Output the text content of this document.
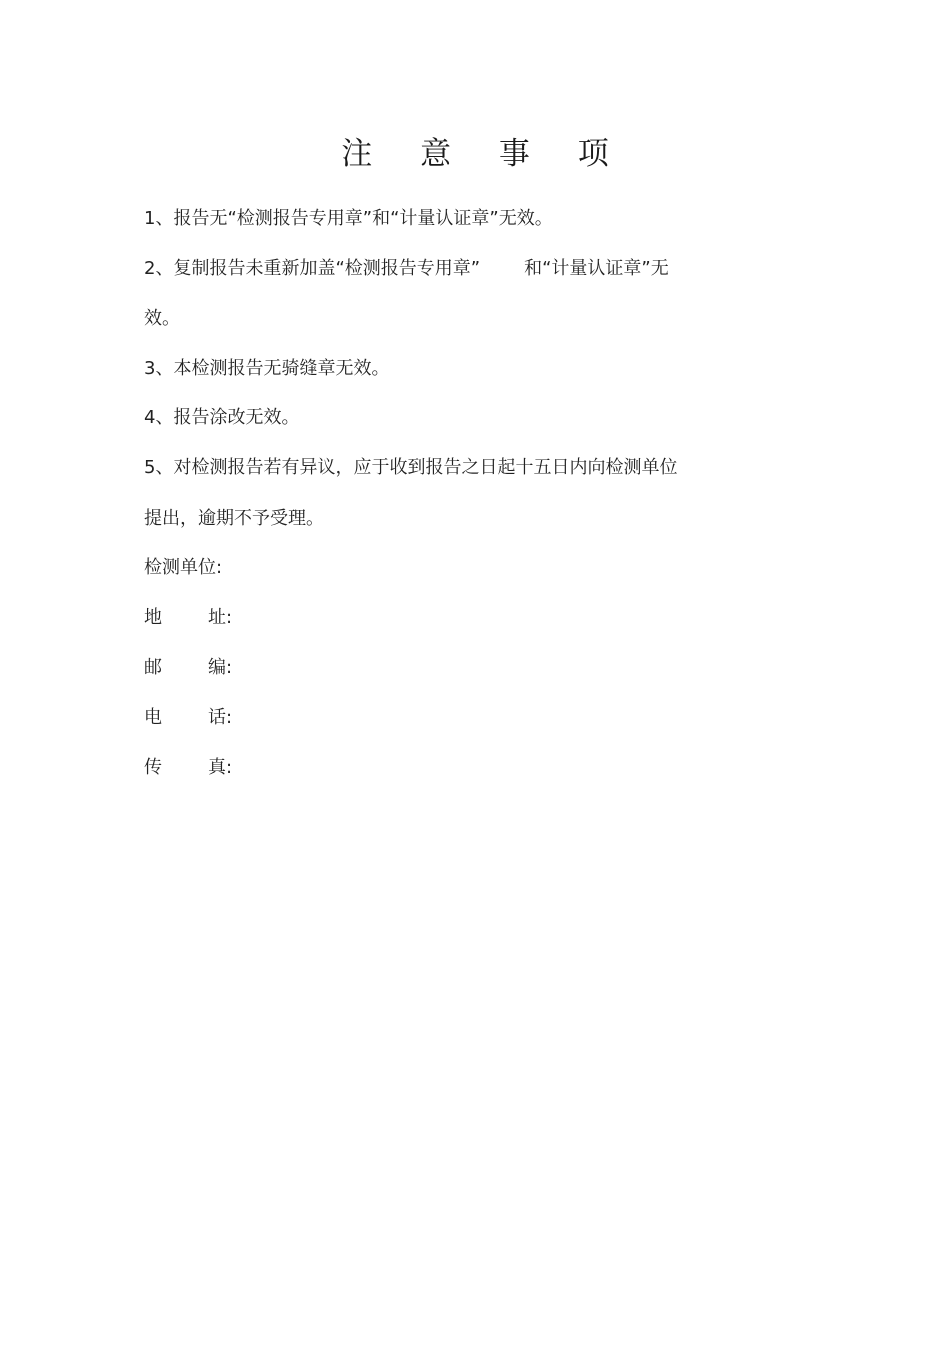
注 意 事 项
1、报告无“检测报告专用章”和“计量认证章”无效。
2、复制报告未重新加盖“检测报告专用章” 和“计量认证章”无
效。
3、本检测报告无骑缝章无效。
4、报告涂改无效。
5、对检测报告若有异议，应于收到报告之日起十五日内向检测单位
提出，逾期不予受理。
检测单位:
地	址:
邮	编:
电	话:
传	真:
